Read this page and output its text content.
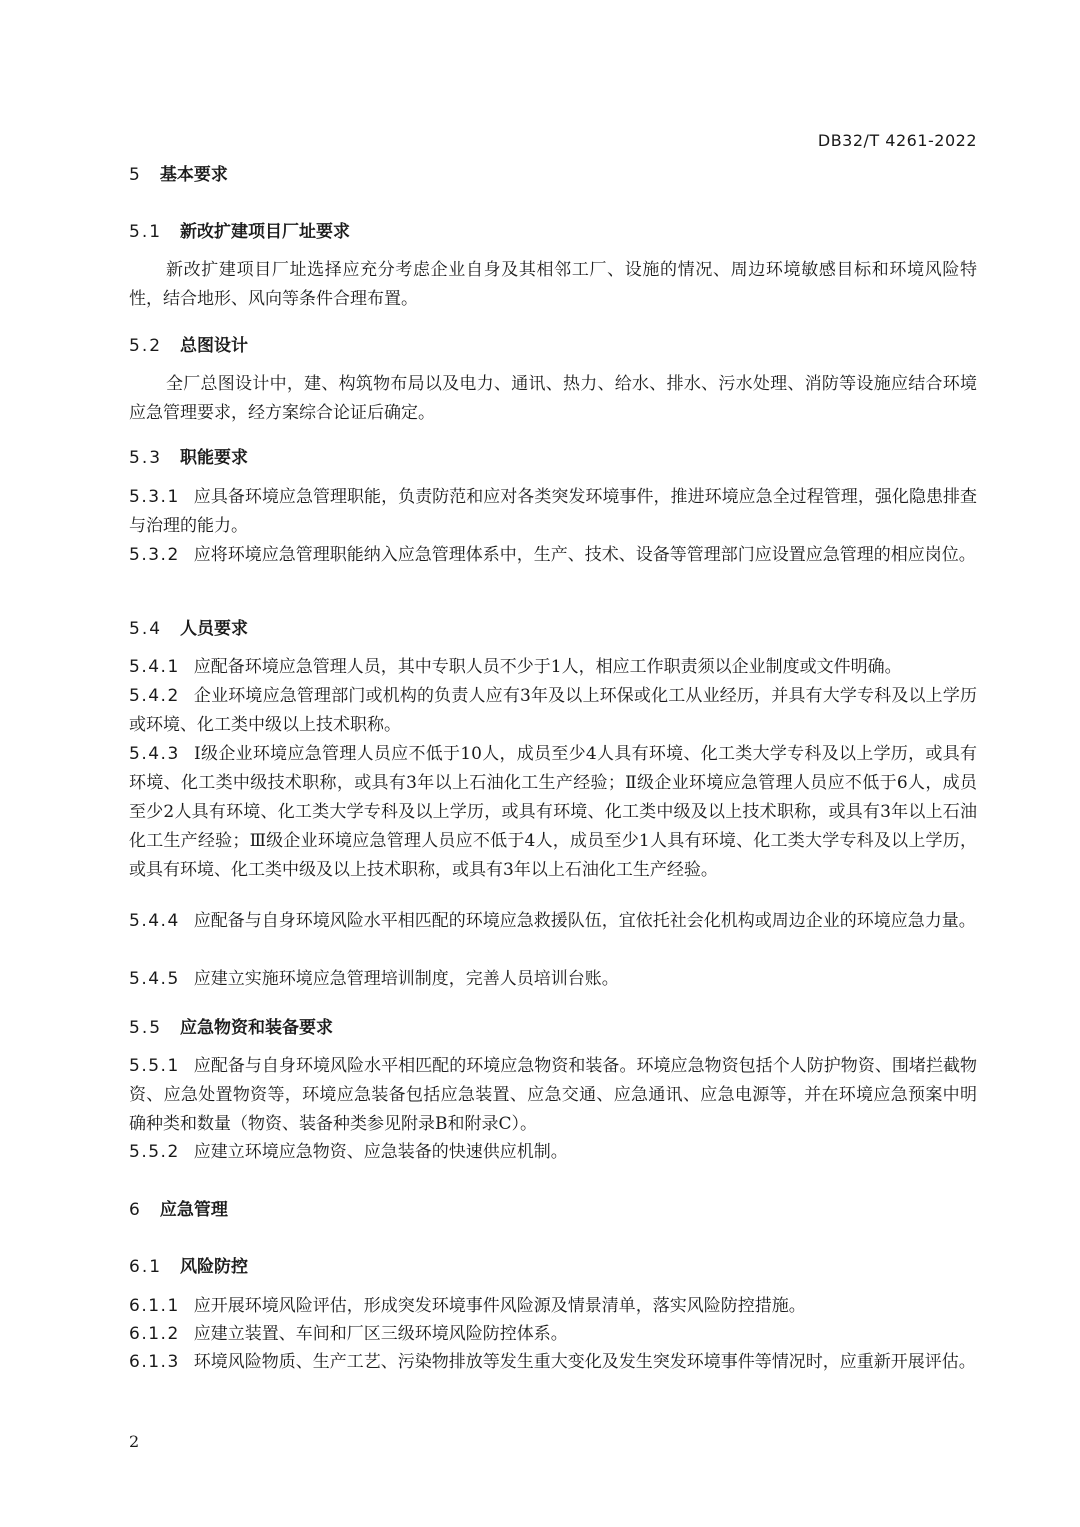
DB32/T 4261-2022
5 基本要求
5.1 新改扩建项目厂址要求
新改扩建项目厂址选择应充分考虑企业自身及其相邻工厂、设施的情况、周边环境敏感目标和环境风险特性，结合地形、风向等条件合理布置。
5.2 总图设计
全厂总图设计中，建、构筑物布局以及电力、通讯、热力、给水、排水、污水处理、消防等设施应结合环境应急管理要求，经方案综合论证后确定。
5.3 职能要求
5.3.1 应具备环境应急管理职能，负责防范和应对各类突发环境事件，推进环境应急全过程管理，强化隐患排查与治理的能力。
5.3.2 应将环境应急管理职能纳入应急管理体系中，生产、技术、设备等管理部门应设置应急管理的相应岗位。
5.4 人员要求
5.4.1 应配备环境应急管理人员，其中专职人员不少于1人，相应工作职责须以企业制度或文件明确。
5.4.2 企业环境应急管理部门或机构的负责人应有3年及以上环保或化工从业经历，并具有大学专科及以上学历或环境、化工类中级以上技术职称。
5.4.3 Ⅰ级企业环境应急管理人员应不低于10人，成员至少4人具有环境、化工类大学专科及以上学历，或具有环境、化工类中级技术职称，或具有3年以上石油化工生产经验；Ⅱ级企业环境应急管理人员应不低于6人，成员至少2人具有环境、化工类大学专科及以上学历，或具有环境、化工类中级及以上技术职称，或具有3年以上石油化工生产经验；Ⅲ级企业环境应急管理人员应不低于4人，成员至少1人具有环境、化工类大学专科及以上学历，或具有环境、化工类中级及以上技术职称，或具有3年以上石油化工生产经验。
5.4.4 应配备与自身环境风险水平相匹配的环境应急救援队伍，宜依托社会化机构或周边企业的环境应急力量。
5.4.5 应建立实施环境应急管理培训制度，完善人员培训台账。
5.5 应急物资和装备要求
5.5.1 应配备与自身环境风险水平相匹配的环境应急物资和装备。环境应急物资包括个人防护物资、围堵拦截物资、应急处置物资等，环境应急装备包括应急装置、应急交通、应急通讯、应急电源等，并在环境应急预案中明确种类和数量（物资、装备种类参见附录B和附录C）。
5.5.2 应建立环境应急物资、应急装备的快速供应机制。
6 应急管理
6.1 风险防控
6.1.1 应开展环境风险评估，形成突发环境事件风险源及情景清单，落实风险防控措施。
6.1.2 应建立装置、车间和厂区三级环境风险防控体系。
6.1.3 环境风险物质、生产工艺、污染物排放等发生重大变化及发生突发环境事件等情况时，应重新开展评估。
2
